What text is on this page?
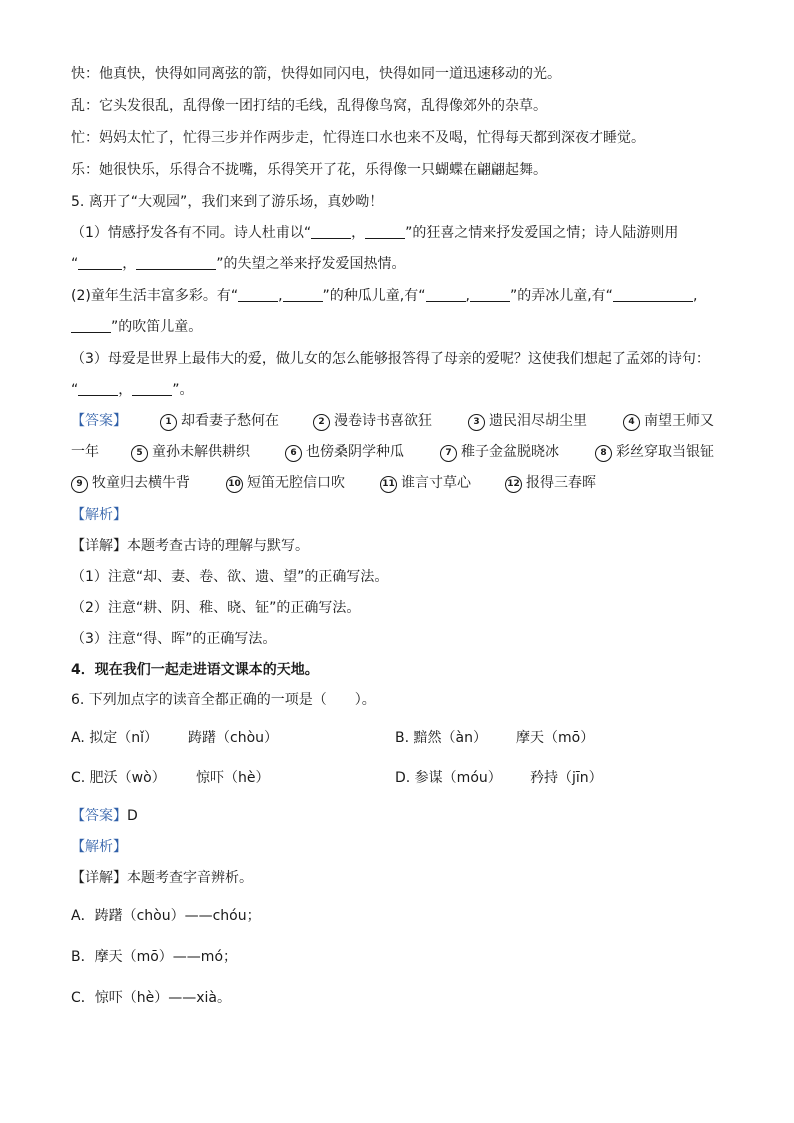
快：他真快，快得如同离弦的箭，快得如同闪电，快得如同一道迅速移动的光。
乱：它头发很乱，乱得像一团打结的毛线，乱得像鸟窝，乱得像郊外的杂草。
忙：妈妈太忙了，忙得三步并作两步走，忙得连口水也来不及喝，忙得每天都到深夜才睡觉。
乐：她很快乐，乐得合不拢嘴，乐得笑开了花，乐得像一只蝴蝶在翩翩起舞。
5. 离开了“大观园”，我们来到了游乐场，真妙呦！
（1）情感抒发各有不同。诗人杜甫以“	，	”的狂喜之情来抒发爱国之情；诗人陆游则用
“	，	”的失望之举来抒发爱国热情。
(2)童年生活丰富多彩。有“	,	”的种瓜儿童,有“	,	”的弄冰儿童,有“	,
”的吹笛儿童。
（3）母爱是世界上最伟大的爱，做儿女的怎么能够报答得了母亲的爱呢？这使我们想起了孟郊的诗句：
“	，	”。
【答案】	1 却看妻子愁何在	2 漫卷诗书喜欲狂	3 遗民泪尽胡尘里	4 南望王师又
一年	5 童孙未解供耕织	6 也傍桑阴学种瓜	7 稚子金盆脱晓冰	8 彩丝穿取当银钲
9 牧童归去横牛背	10 短笛无腔信口吹	11 谁言寸草心	12 报得三春晖
【解析】
【详解】本题考查古诗的理解与默写。
（1）注意“却、妻、卷、欲、遗、望”的正确写法。
（2）注意“耕、阴、稚、晓、钲”的正确写法。
（3）注意“得、晖”的正确写法。
4．现在我们一起走进语文课本的天地。
6. 下列加点字的读音全都正确的一项是（　　）。
A. 拟定（nǐ） 踌躇（chòu）	B. 黯然（àn） 摩天（mō）
C. 肥沃（wò） 惊吓（hè）	D. 参谋（móu） 矜持（jīn）
【答案】D
【解析】
【详解】本题考查字音辨析。
A．踌躇（chòu）——chóu；
B．摩天（mō）——mó；
C．惊吓（hè）——xià。
